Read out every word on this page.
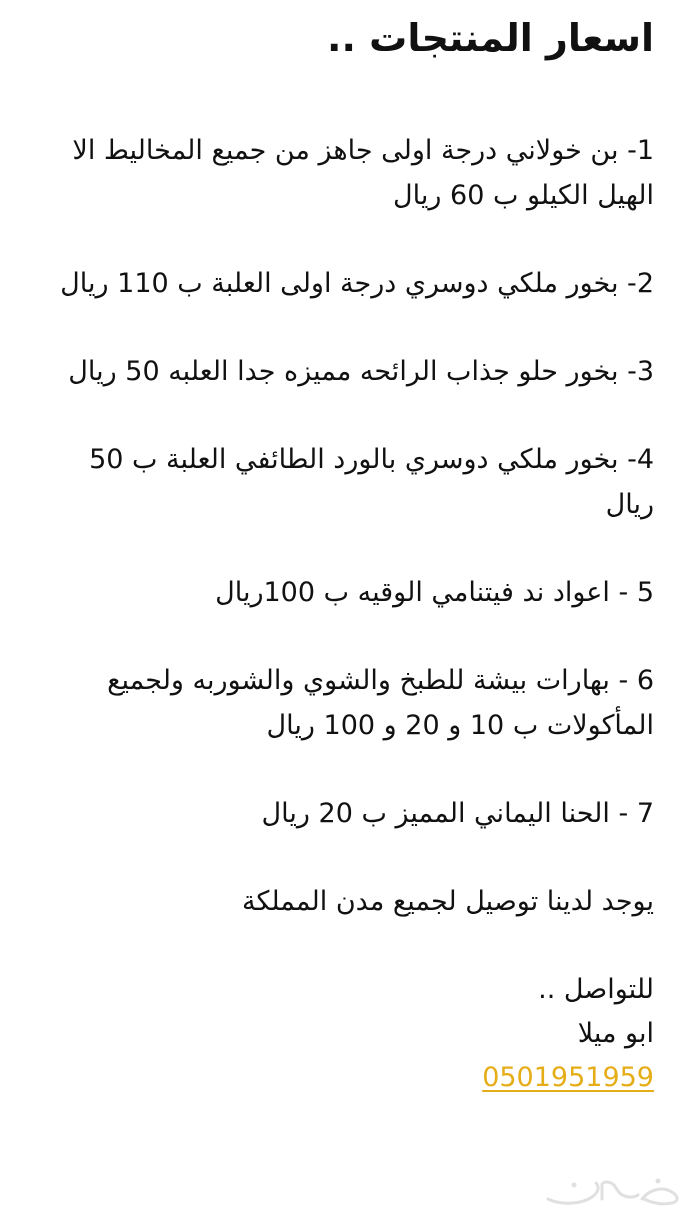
اسعار المنتجات ..
1- بن خولاني درجة اولى جاهز من جميع المخاليط الا
الهيل الكيلو ب 60 ريال
2- بخور ملكي دوسري درجة اولى العلبة ب 110 ريال
3- بخور حلو جذاب الرائحه مميزه جدا العلبه 50 ريال
4- بخور ملكي دوسري بالورد الطائفي العلبة ب 50 ريال
5 - اعواد ند فيتنامي الوقيه ب 100ريال
6 - بهارات بيشة للطبخ والشوي والشوربه ولجميع
المأكولات ب 10 و 20 و 100 ريال
7 - الحنا اليماني المميز ب 20 ريال
يوجد لدينا توصيل لجميع مدن المملكة
للتواصل ..
ابو ميلا
0501951959
